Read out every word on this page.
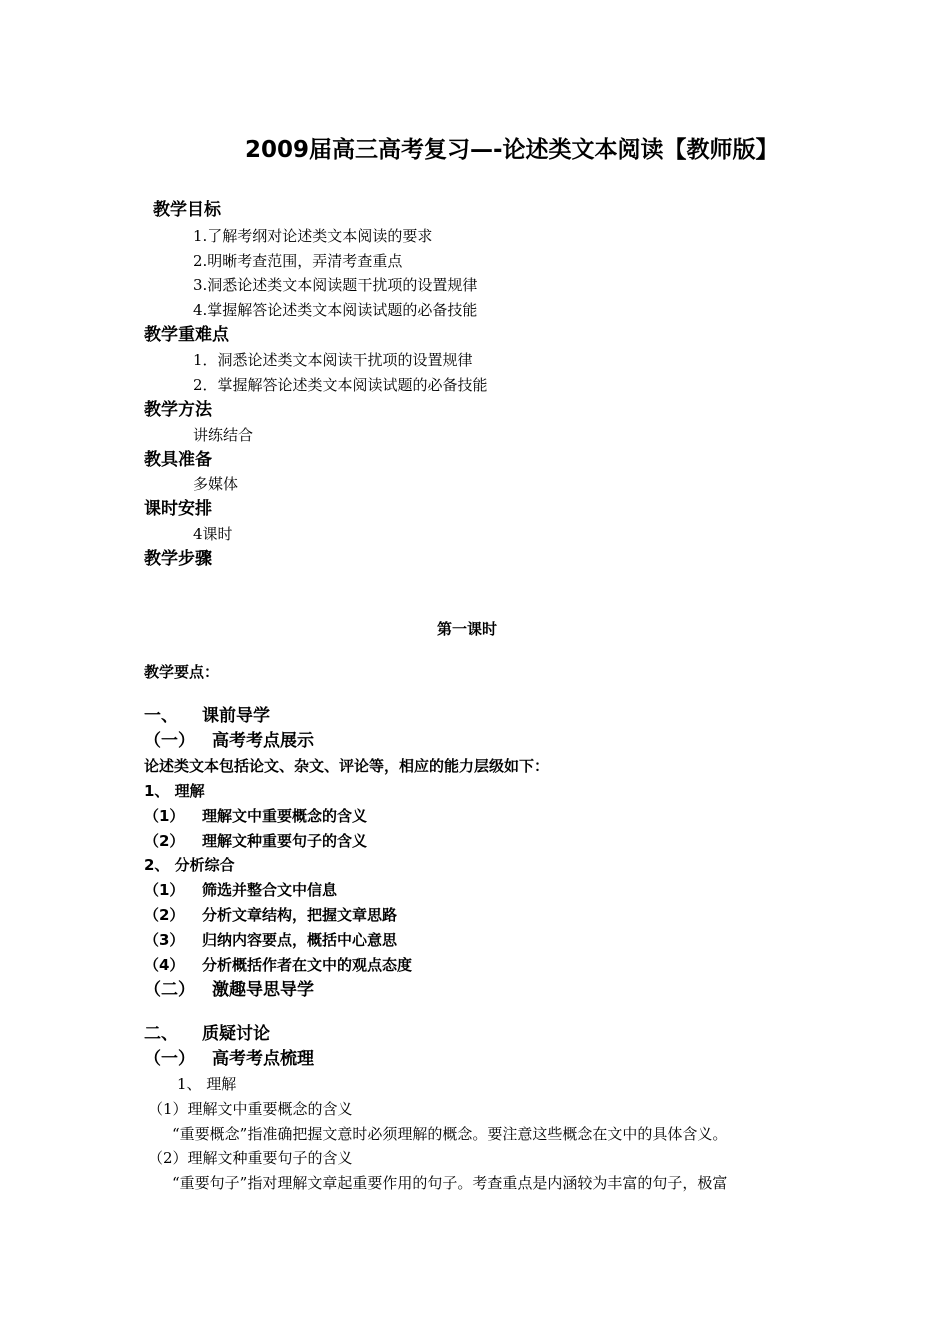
2009届高三高考复习—-论述类文本阅读【教师版】
教学目标
1.了解考纲对论述类文本阅读的要求
2.明晰考查范围，弄清考查重点
3.洞悉论述类文本阅读题干扰项的设置规律
4.掌握解答论述类文本阅读试题的必备技能
教学重难点
1．洞悉论述类文本阅读干扰项的设置规律
2．掌握解答论述类文本阅读试题的必备技能
教学方法
讲练结合
教具准备
多媒体
课时安排
4课时
教学步骤
第一课时
教学要点：
一、 课前导学
（一） 高考考点展示
论述类文本包括论文、杂文、评论等，相应的能力层级如下：
1、 理解
（1） 理解文中重要概念的含义
（2） 理解文种重要句子的含义
2、 分析综合
（1） 筛选并整合文中信息
（2） 分析文章结构，把握文章思路
（3） 归纳内容要点，概括中心意思
（4） 分析概括作者在文中的观点态度
（二） 激趣导思导学
二、 质疑讨论
（一） 高考考点梳理
1、 理解
（1）理解文中重要概念的含义
“重要概念”指准确把握文意时必须理解的概念。要注意这些概念在文中的具体含义。
（2）理解文种重要句子的含义
“重要句子”指对理解文章起重要作用的句子。考查重点是内涵较为丰富的句子，极富
